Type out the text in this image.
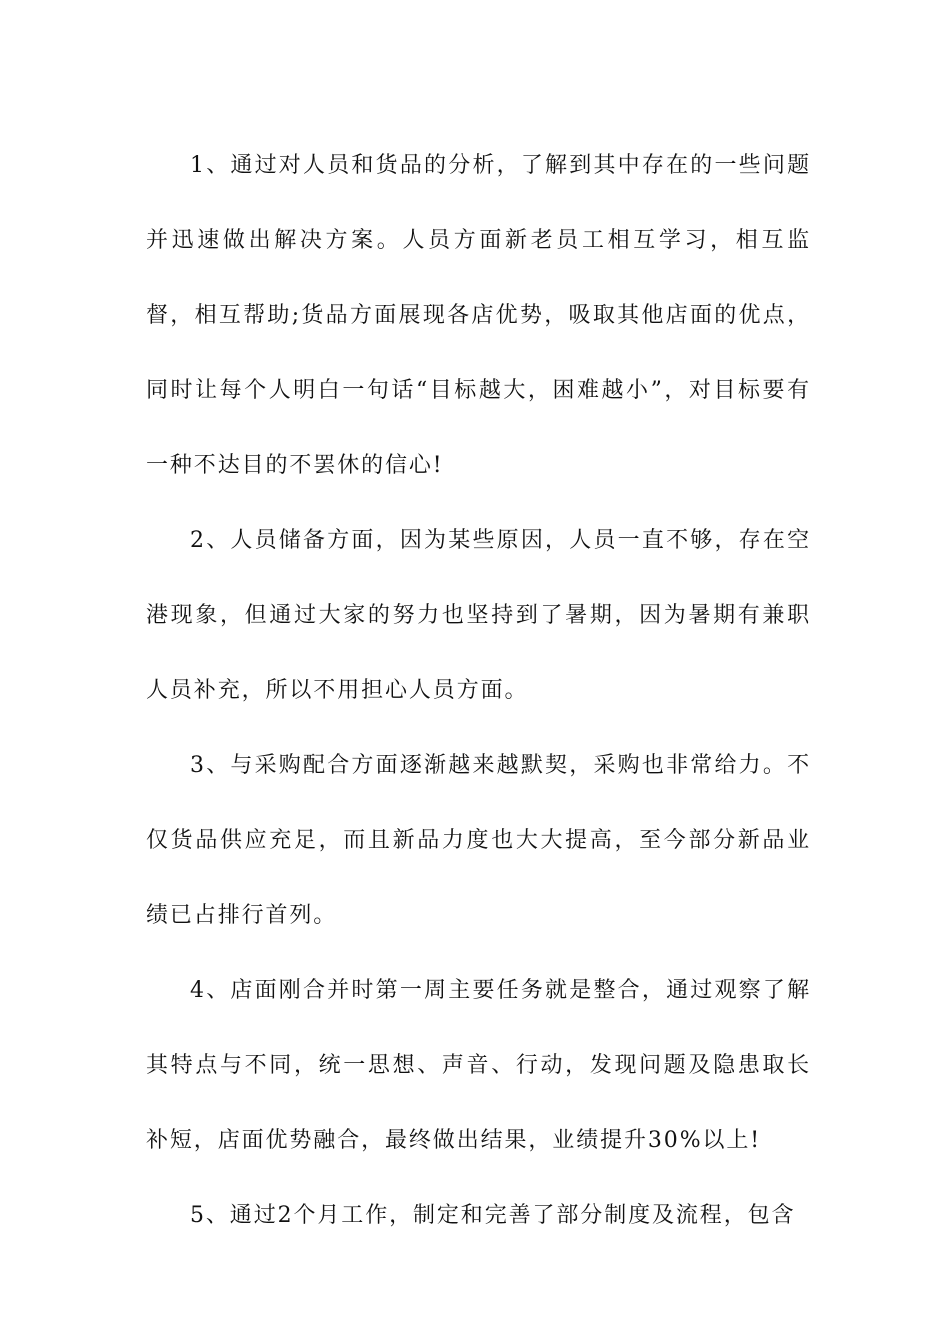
1、通过对人员和货品的分析，了解到其中存在的一些问题并迅速做出解决方案。人员方面新老员工相互学习，相互监督，相互帮助;货品方面展现各店优势，吸取其他店面的优点，同时让每个人明白一句话“目标越大，困难越小”，对目标要有一种不达目的不罢休的信心!

2、人员储备方面，因为某些原因，人员一直不够，存在空港现象，但通过大家的努力也坚持到了暑期，因为暑期有兼职人员补充，所以不用担心人员方面。

3、与采购配合方面逐渐越来越默契，采购也非常给力。不仅货品供应充足，而且新品力度也大大提高，至今部分新品业绩已占排行首列。

4、店面刚合并时第一周主要任务就是整合，通过观察了解其特点与不同，统一思想、声音、行动，发现问题及隐患取长补短，店面优势融合，最终做出结果，业绩提升30%以上!

5、通过2个月工作，制定和完善了部分制度及流程，包含
